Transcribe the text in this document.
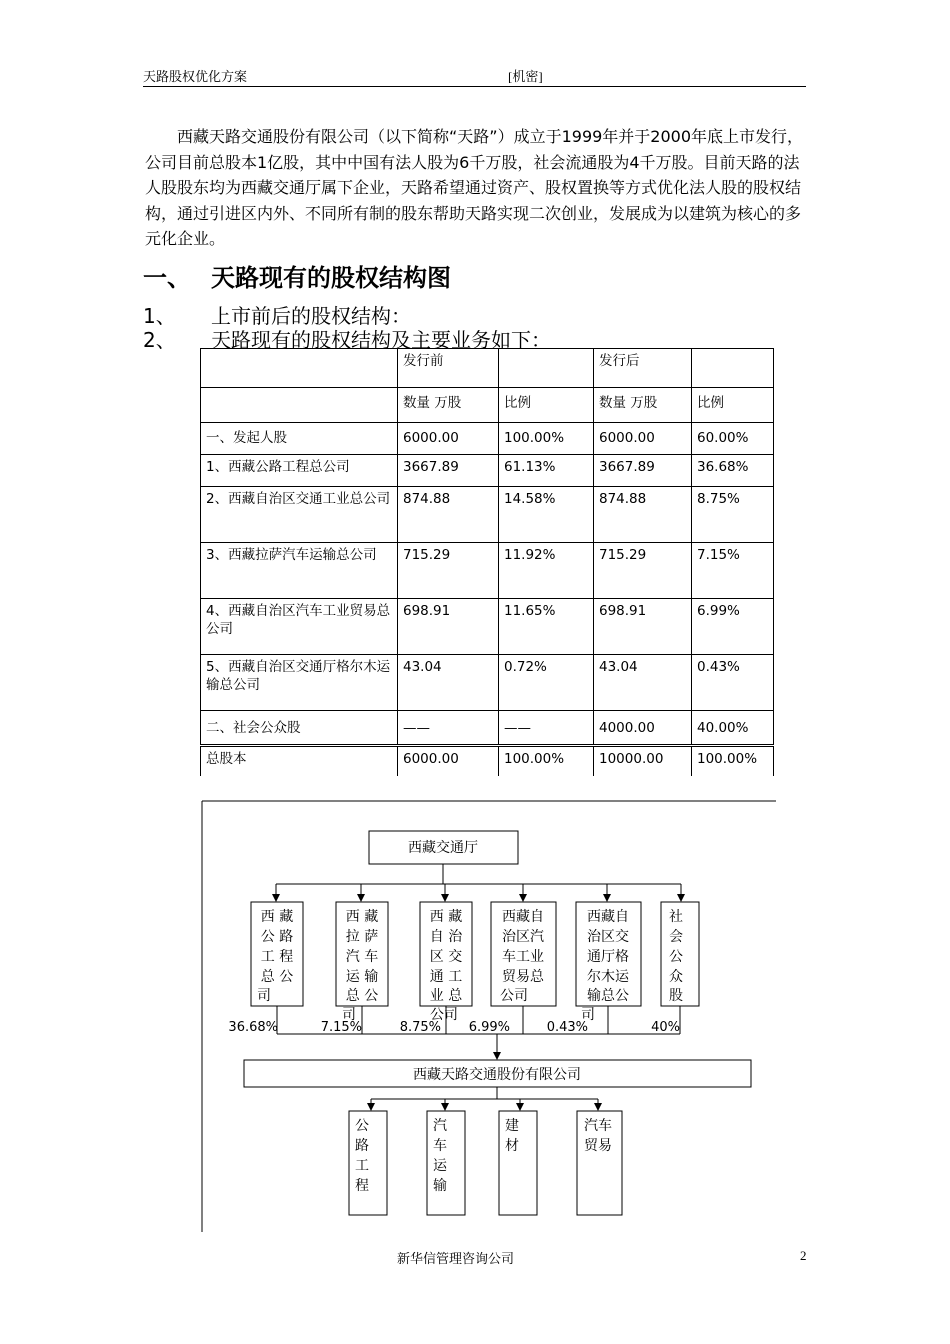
天路股权优化方案	[机密]
西藏天路交通股份有限公司（以下简称“天路”）成立于1999年并于2000年底上市发行，公司目前总股本1亿股，其中中国有法人股为6千万股，社会流通股为4千万股。目前天路的法人股股东均为西藏交通厅属下企业，天路希望通过资产、股权置换等方式优化法人股的股权结构，通过引进区内外、不同所有制的股东帮助天路实现二次创业，发展成为以建筑为核心的多元化企业。
一、 天路现有的股权结构图
1、 上市前后的股权结构：
2、 天路现有的股权结构及主要业务如下：
	发行前		发行后	
	数量 万股	比例	数量 万股	比例
一、发起人股	6000.00	100.00%	6000.00	60.00%
1、西藏公路工程总公司	3667.89	61.13%	3667.89	36.68%
2、西藏自治区交通工业总公司	874.88	14.58%	874.88	8.75%
3、西藏拉萨汽车运输总公司	715.29	11.92%	715.29	7.15%
4、西藏自治区汽车工业贸易总公司	698.91	11.65%	698.91	6.99%
5、西藏自治区交通厅格尔木运输总公司	43.04	0.72%	43.04	0.43%
二、社会公众股	——	——	4000.00	40.00%
总股本	6000.00	100.00%	10000.00	100.00%
西藏交通厅
西 藏
公 路
工 程
总 公
司
西 藏
拉 萨
汽 车
运 输
总 公
司
西 藏
自 治
区 交
通 工
业 总
公司
西藏自
治区汽
车工业
贸易总
公司
西藏自
治区交
通厅格
尔木运
输总公
司
社
会
公
众
股
36.68%	7.15%	8.75% 6.99%	0.43%	40%
西藏天路交通股份有限公司
公
路
工
程
汽
车
运
输
建
材
汽车
贸易
新华信管理咨询公司	2
